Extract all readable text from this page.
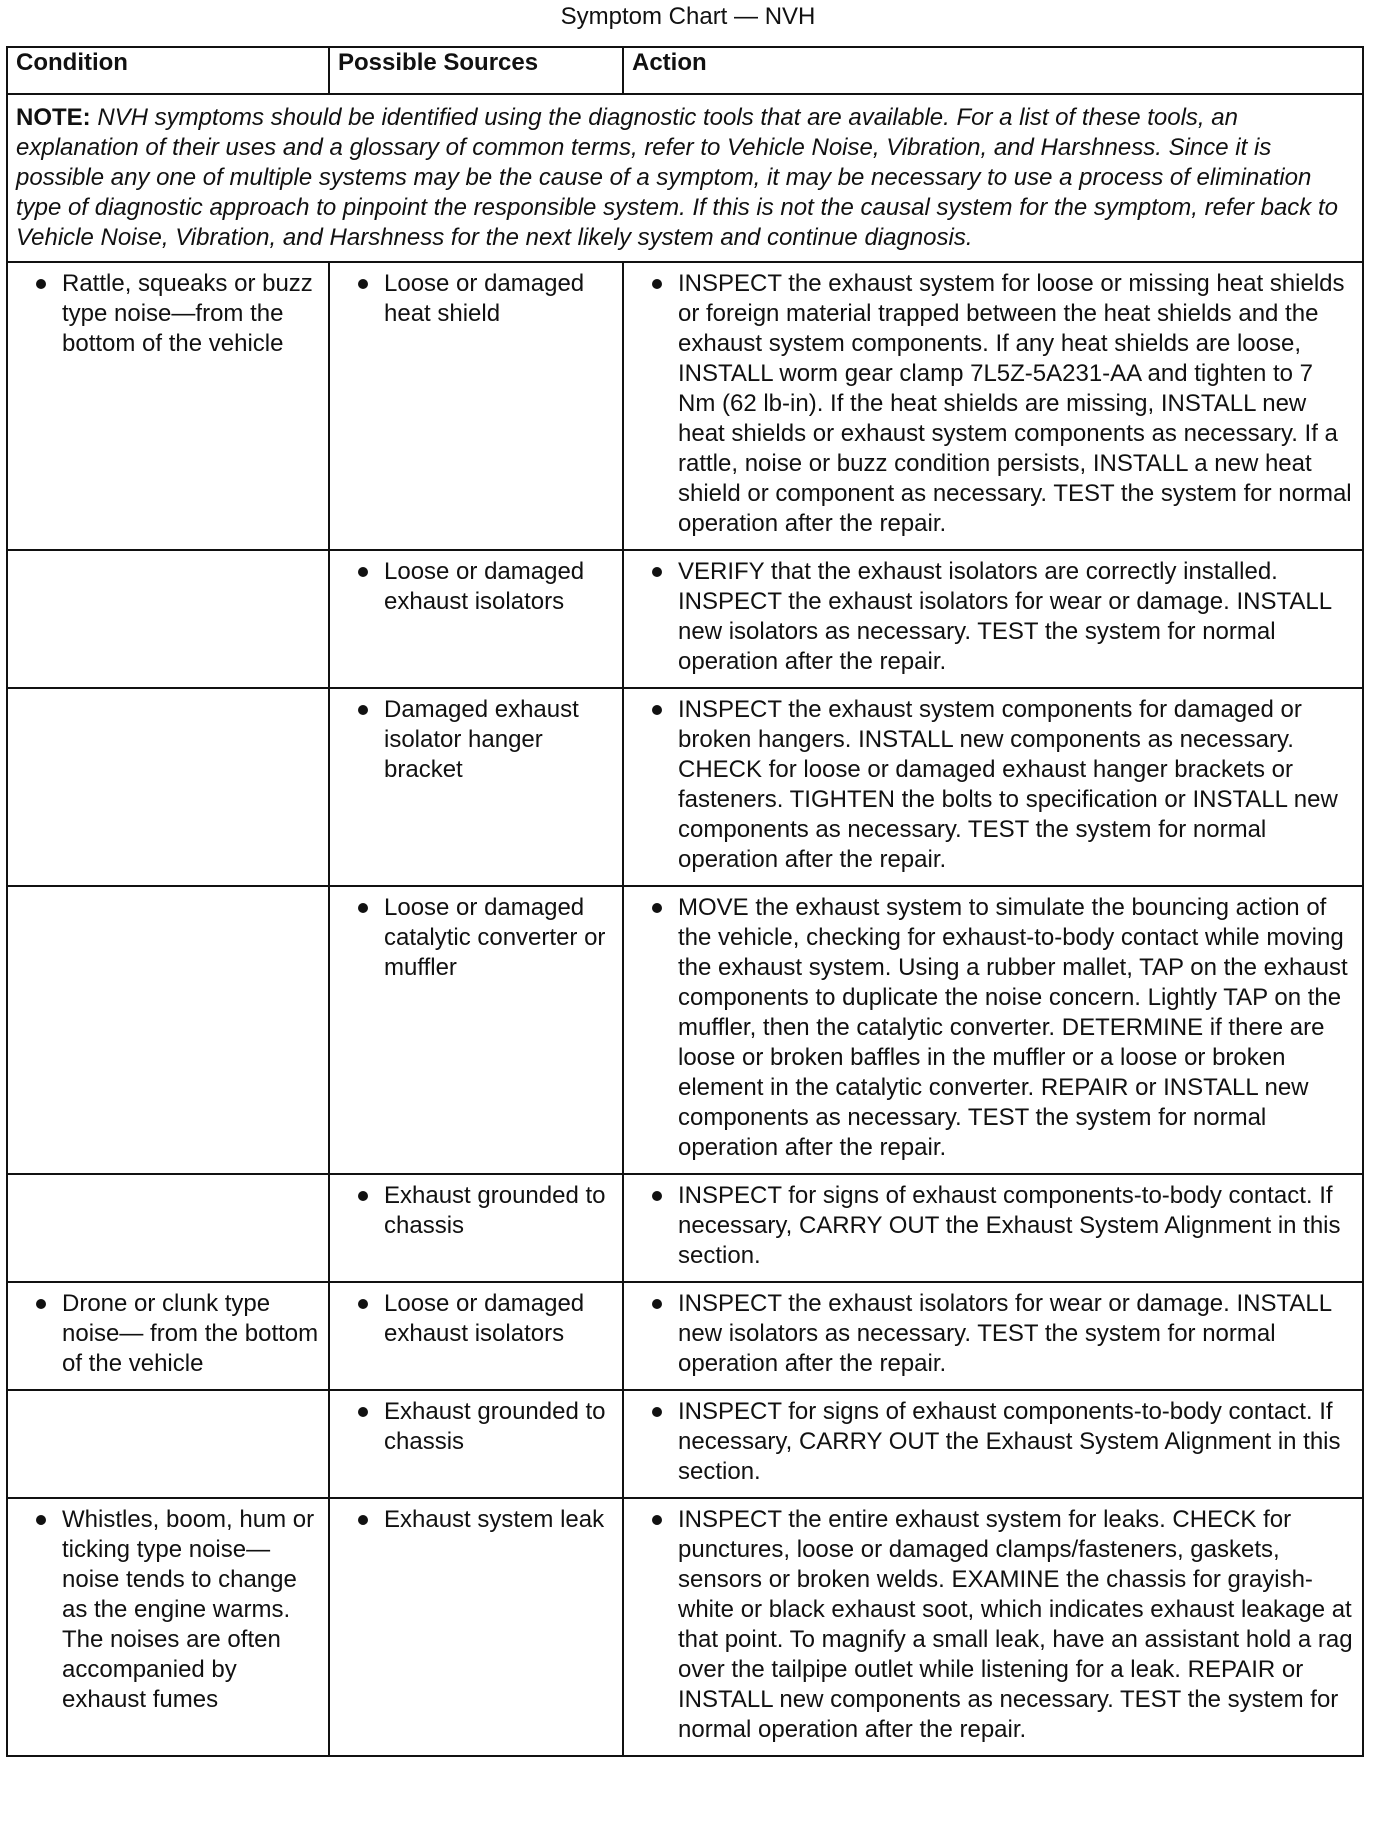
Symptom Chart — NVH
Condition	Possible Sources	Action
NOTE: NVH symptoms should be identified using the diagnostic tools that are available. For a list of these tools, an explanation of their uses and a glossary of common terms, refer to Vehicle Noise, Vibration, and Harshness. Since it is possible any one of multiple systems may be the cause of a symptom, it may be necessary to use a process of elimination type of diagnostic approach to pinpoint the responsible system. If this is not the causal system for the symptom, refer back to Vehicle Noise, Vibration, and Harshness for the next likely system and continue diagnosis.		

Rattle, squeaks or buzz type noise—from the bottom of the vehicle	Loose or damaged heat shield	INSPECT the exhaust system for loose or missing heat shields or foreign material trapped between the heat shields and the exhaust system components. If any heat shields are loose, INSTALL worm gear clamp 7L5Z-5A231-AA and tighten to 7 Nm (62 lb-in). If the heat shields are missing, INSTALL new heat shields or exhaust system components as necessary. If a rattle, noise or buzz condition persists, INSTALL a new heat shield or component as necessary. TEST the system for normal operation after the repair.

	Loose or damaged exhaust isolators	VERIFY that the exhaust isolators are correctly installed. INSPECT the exhaust isolators for wear or damage. INSTALL new isolators as necessary. TEST the system for normal operation after the repair.

	Damaged exhaust isolator hanger bracket	INSPECT the exhaust system components for damaged or broken hangers. INSTALL new components as necessary. CHECK for loose or damaged exhaust hanger brackets or fasteners. TIGHTEN the bolts to specification or INSTALL new components as necessary. TEST the system for normal operation after the repair.

	Loose or damaged catalytic converter or muffler	MOVE the exhaust system to simulate the bouncing action of the vehicle, checking for exhaust-to-body contact while moving the exhaust system. Using a rubber mallet, TAP on the exhaust components to duplicate the noise concern. Lightly TAP on the muffler, then the catalytic converter. DETERMINE if there are loose or broken baffles in the muffler or a loose or broken element in the catalytic converter. REPAIR or INSTALL new components as necessary. TEST the system for normal operation after the repair.

	Exhaust grounded to chassis	INSPECT for signs of exhaust components-to-body contact. If necessary, CARRY OUT the Exhaust System Alignment in this section.

Drone or clunk type noise— from the bottom of the vehicle	Loose or damaged exhaust isolators	INSPECT the exhaust isolators for wear or damage. INSTALL new isolators as necessary. TEST the system for normal operation after the repair.

	Exhaust grounded to chassis	INSPECT for signs of exhaust components-to-body contact. If necessary, CARRY OUT the Exhaust System Alignment in this section.

Whistles, boom, hum or ticking type noise—noise tends to change as the engine warms. The noises are often accompanied by exhaust fumes	Exhaust system leak	INSPECT the entire exhaust system for leaks. CHECK for punctures, loose or damaged clamps/fasteners, gaskets, sensors or broken welds. EXAMINE the chassis for grayish-white or black exhaust soot, which indicates exhaust leakage at that point. To magnify a small leak, have an assistant hold a rag over the tailpipe outlet while listening for a leak. REPAIR or INSTALL new components as necessary. TEST the system for normal operation after the repair.
